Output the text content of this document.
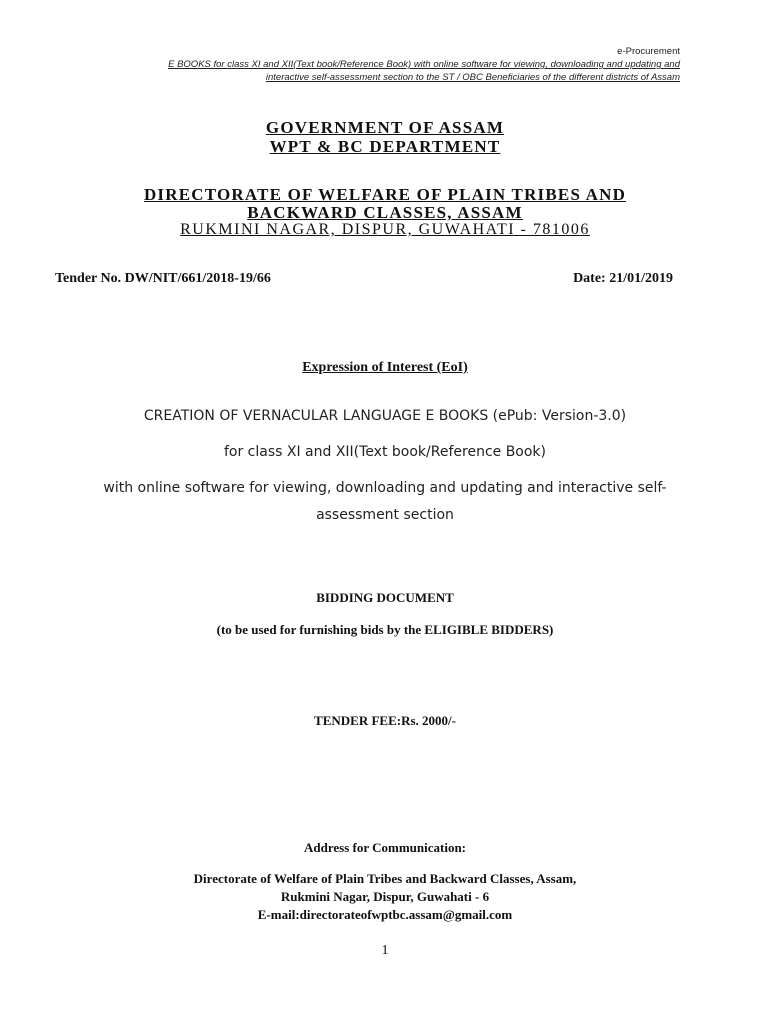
e-Procurement
E BOOKS for class XI and XII(Text book/Reference Book) with online software for viewing, downloading and updating and
interactive self-assessment section to the ST / OBC Beneficiaries of the different districts of Assam
GOVERNMENT OF ASSAM
WPT & BC DEPARTMENT
DIRECTORATE OF WELFARE OF PLAIN TRIBES AND
BACKWARD CLASSES, ASSAM
RUKMINI NAGAR, DISPUR, GUWAHATI - 781006
Tender No. DW/NIT/661/2018-19/66	Date: 21/01/2019
Expression of Interest (EoI)
CREATION OF VERNACULAR LANGUAGE E BOOKS (ePub: Version-3.0)
for class XI and XII(Text book/Reference Book)
with online software for viewing, downloading and updating and interactive self-
assessment section
BIDDING DOCUMENT
(to be used for furnishing bids by the ELIGIBLE BIDDERS)
TENDER FEE:Rs. 2000/-
Address for Communication:
Directorate of Welfare of Plain Tribes and Backward Classes, Assam,
Rukmini Nagar, Dispur, Guwahati - 6
E-mail:directorateofwptbc.assam@gmail.com
1
